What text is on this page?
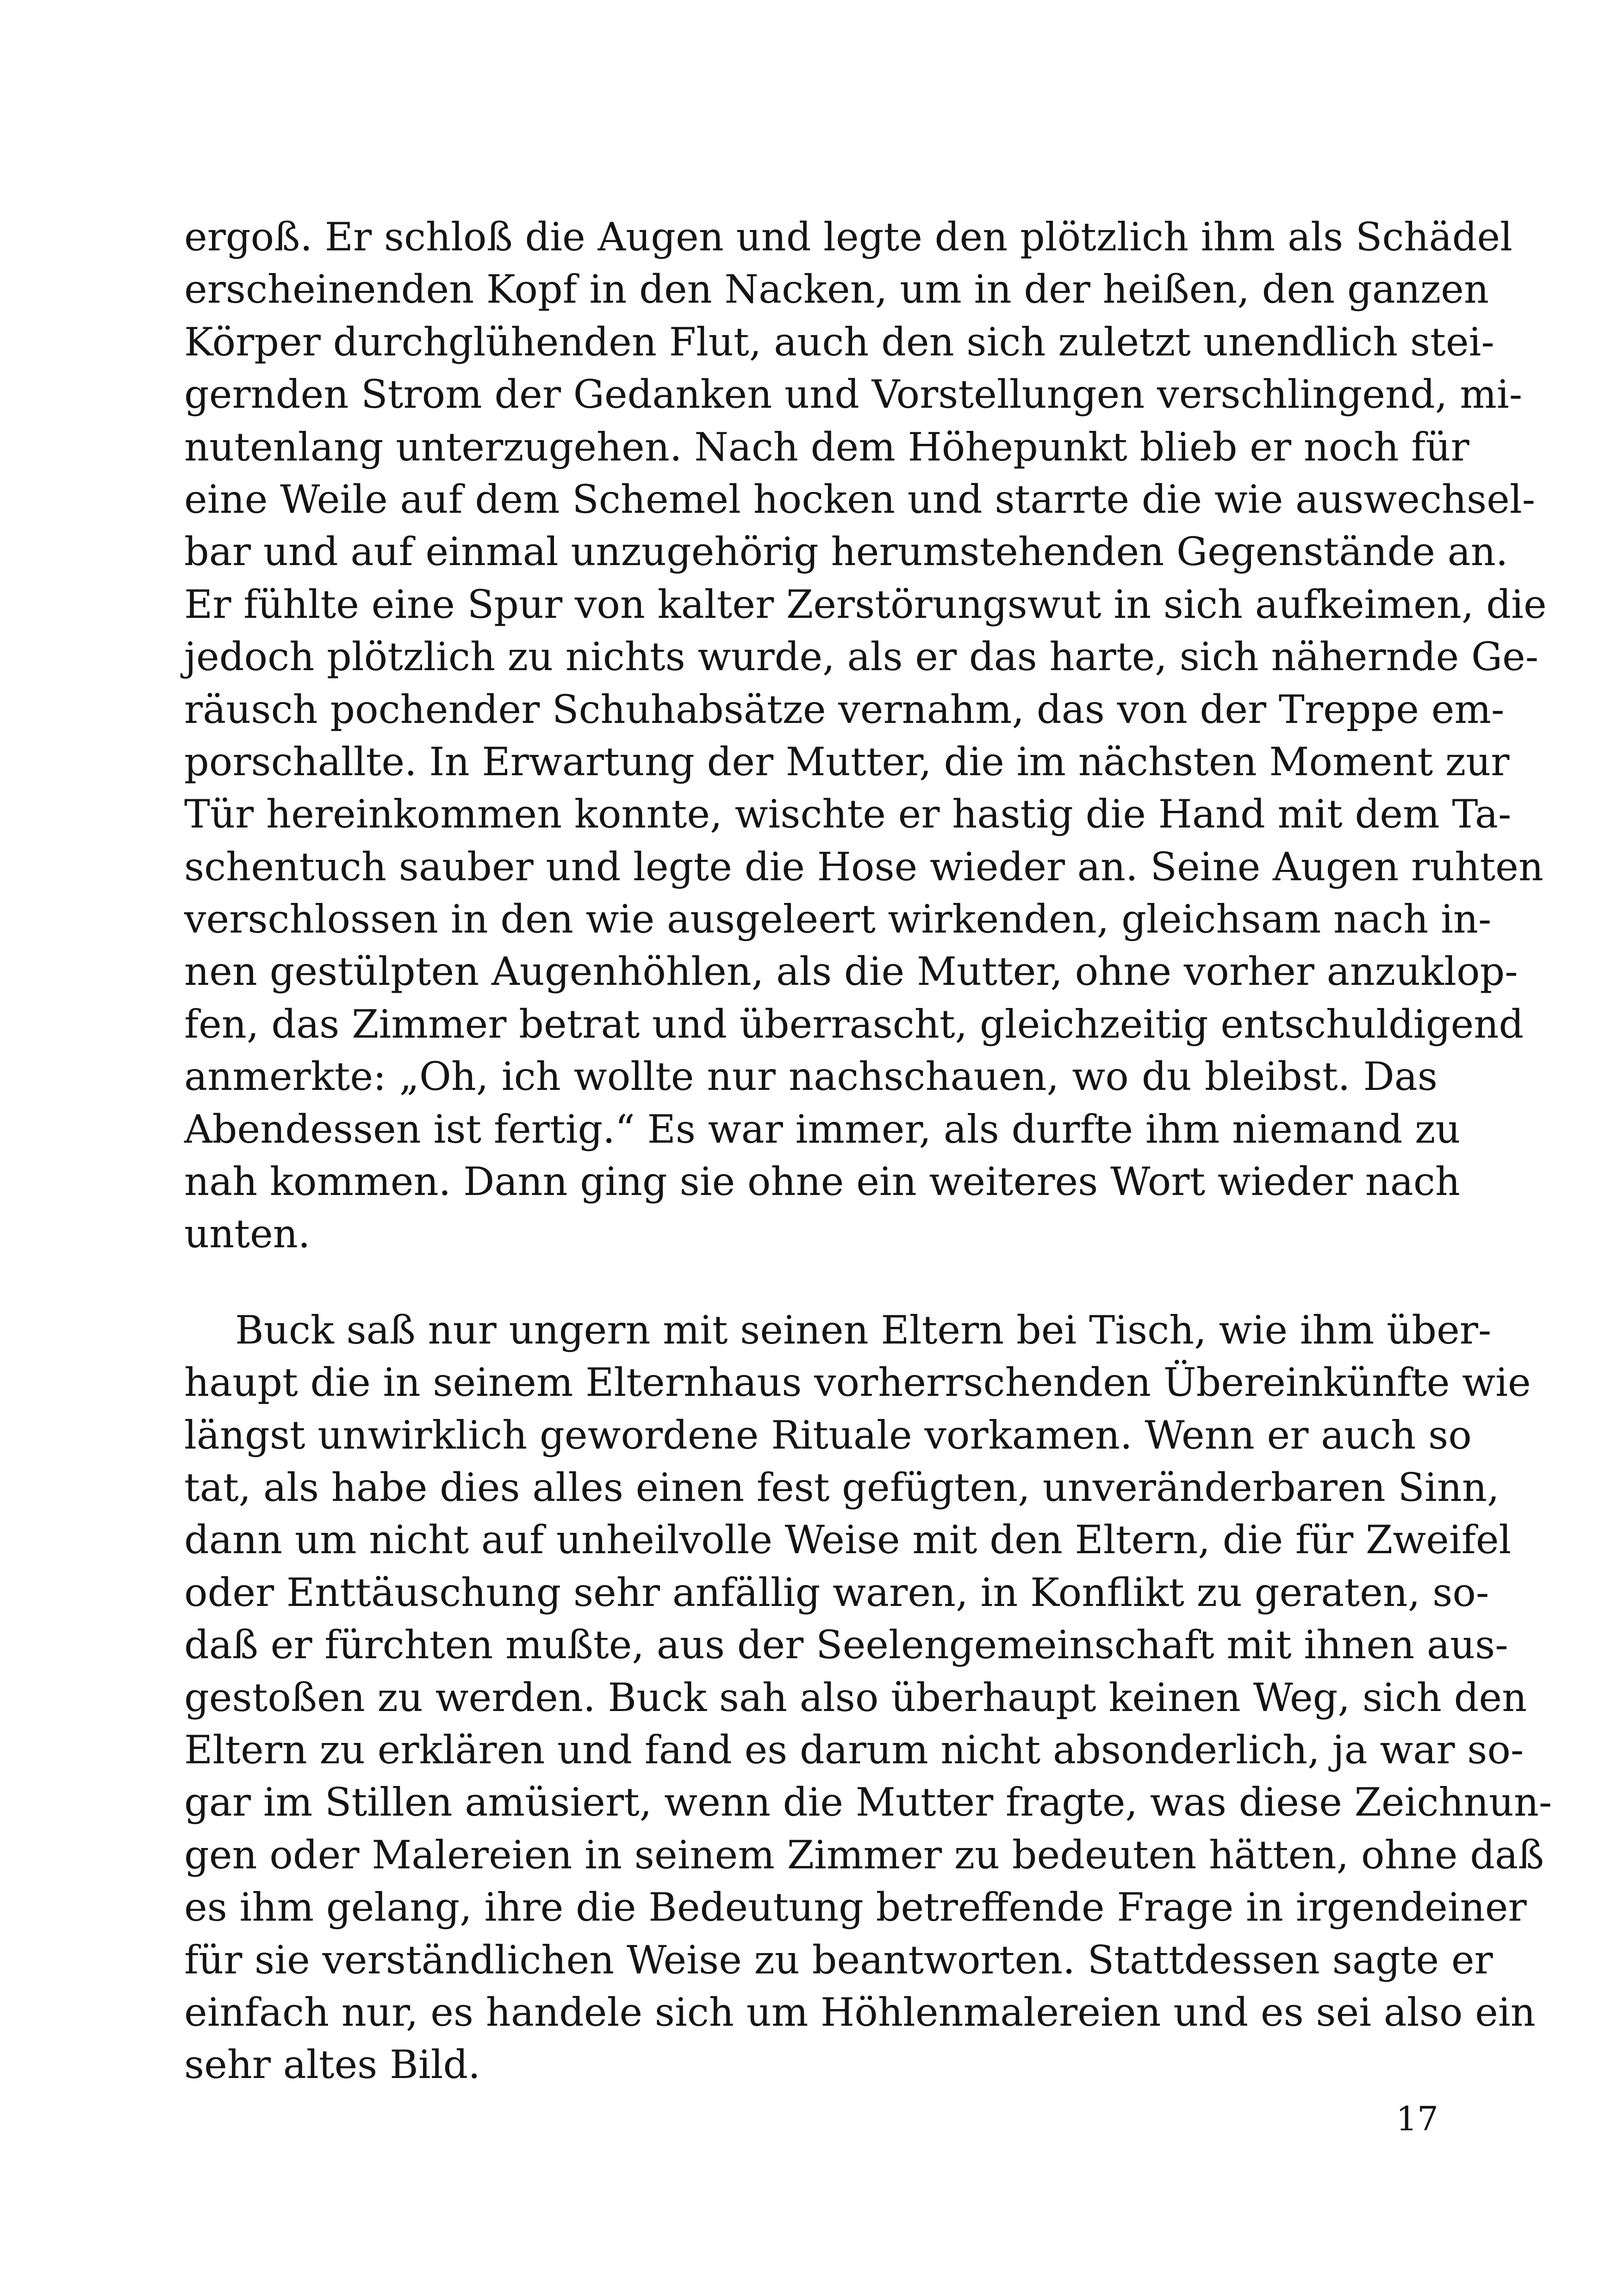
ergoß. Er schloß die Augen und legte den plötzlich ihm als Schädel
erscheinenden Kopf in den Nacken, um in der heißen, den ganzen
Körper durchglühenden Flut, auch den sich zuletzt unendlich stei-
gernden Strom der Gedanken und Vorstellungen verschlingend, mi-
nutenlang unterzugehen. Nach dem Höhepunkt blieb er noch für
eine Weile auf dem Schemel hocken und starrte die wie auswechsel-
bar und auf einmal unzugehörig herumstehenden Gegenstände an.
Er fühlte eine Spur von kalter Zerstörungswut in sich aufkeimen, die
jedoch plötzlich zu nichts wurde, als er das harte, sich nähernde Ge-
räusch pochender Schuhabsätze vernahm, das von der Treppe em-
porschallte. In Erwartung der Mutter, die im nächsten Moment zur
Tür hereinkommen konnte, wischte er hastig die Hand mit dem Ta-
schentuch sauber und legte die Hose wieder an. Seine Augen ruhten
verschlossen in den wie ausgeleert wirkenden, gleichsam nach in-
nen gestülpten Augenhöhlen, als die Mutter, ohne vorher anzuklop-
fen, das Zimmer betrat und überrascht, gleichzeitig entschuldigend
anmerkte: „Oh, ich wollte nur nachschauen, wo du bleibst. Das
Abendessen ist fertig.“ Es war immer, als durfte ihm niemand zu
nah kommen. Dann ging sie ohne ein weiteres Wort wieder nach
unten.
Buck saß nur ungern mit seinen Eltern bei Tisch, wie ihm über-
haupt die in seinem Elternhaus vorherrschenden Übereinkünfte wie
längst unwirklich gewordene Rituale vorkamen. Wenn er auch so
tat, als habe dies alles einen fest gefügten, unveränderbaren Sinn,
dann um nicht auf unheilvolle Weise mit den Eltern, die für Zweifel
oder Enttäuschung sehr anfällig waren, in Konflikt zu geraten, so-
daß er fürchten mußte, aus der Seelengemeinschaft mit ihnen aus-
gestoßen zu werden. Buck sah also überhaupt keinen Weg, sich den
Eltern zu erklären und fand es darum nicht absonderlich, ja war so-
gar im Stillen amüsiert, wenn die Mutter fragte, was diese Zeichnun-
gen oder Malereien in seinem Zimmer zu bedeuten hätten, ohne daß
es ihm gelang, ihre die Bedeutung betreffende Frage in irgendeiner
für sie verständlichen Weise zu beantworten. Stattdessen sagte er
einfach nur, es handele sich um Höhlenmalereien und es sei also ein
sehr altes Bild.
17
